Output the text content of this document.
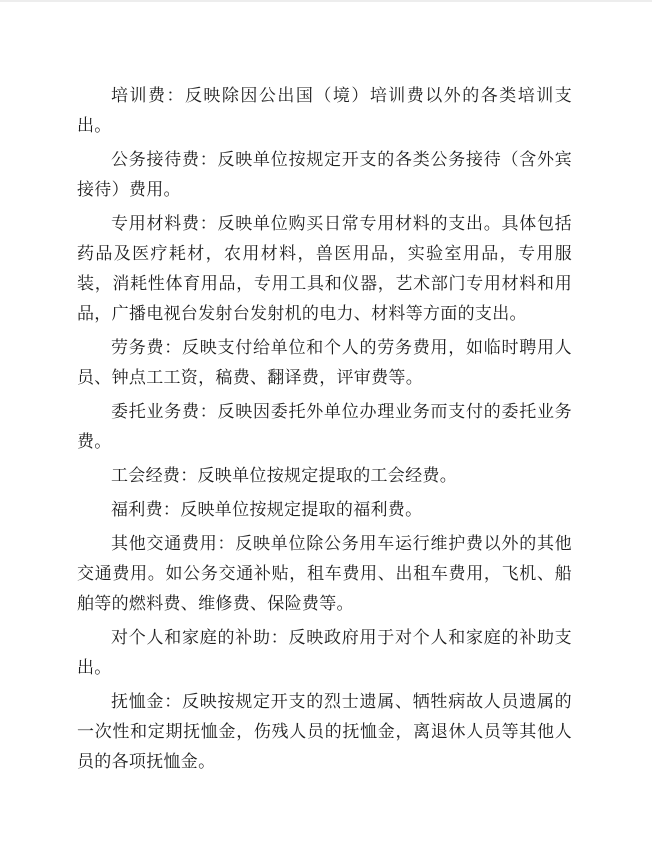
培训费：反映除因公出国（境）培训费以外的各类培训支出。

公务接待费：反映单位按规定开支的各类公务接待（含外宾接待）费用。

专用材料费：反映单位购买日常专用材料的支出。具体包括药品及医疗耗材，农用材料，兽医用品，实验室用品，专用服装，消耗性体育用品，专用工具和仪器，艺术部门专用材料和用品，广播电视台发射台发射机的电力、材料等方面的支出。

劳务费：反映支付给单位和个人的劳务费用，如临时聘用人员、钟点工工资，稿费、翻译费，评审费等。

委托业务费：反映因委托外单位办理业务而支付的委托业务费。

工会经费：反映单位按规定提取的工会经费。

福利费：反映单位按规定提取的福利费。

其他交通费用：反映单位除公务用车运行维护费以外的其他交通费用。如公务交通补贴，租车费用、出租车费用，飞机、船舶等的燃料费、维修费、保险费等。

对个人和家庭的补助：反映政府用于对个人和家庭的补助支出。

抚恤金：反映按规定开支的烈士遗属、牺牲病故人员遗属的一次性和定期抚恤金，伤残人员的抚恤金，离退休人员等其他人员的各项抚恤金。
